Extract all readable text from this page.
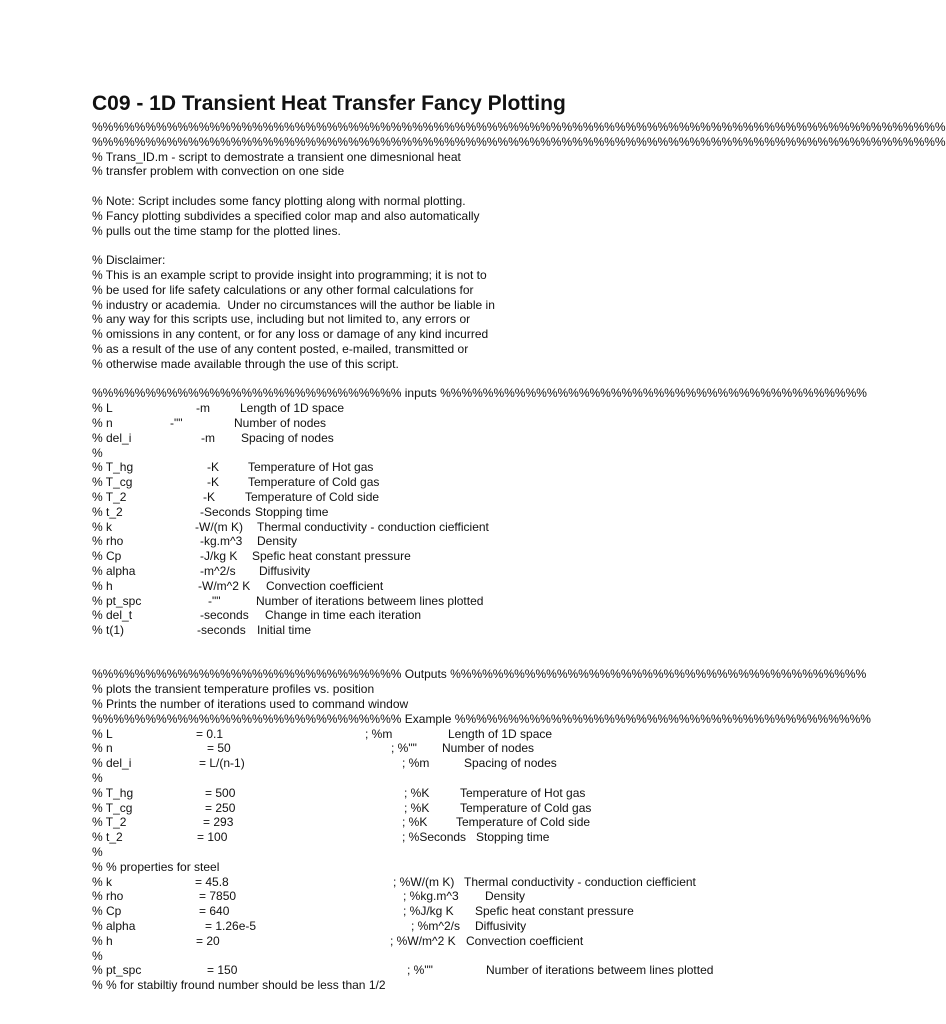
C09 - 1D Transient Heat Transfer Fancy Plotting
%%%%%%%%%%%%%%%%%%%%%%%%%%%%%%%%%%%%%%%%%%%%%%%%%%%%%%%%%%%%%%%%%%%%%%%%%%%%%%%%
%%%%%%%%%%%%%%%%%%%%%%%%%%%%%%%%%%%%%%%%%%%%%%%%%%%%%%%%%%%%%%%%%%%%%%%%%%%%%%%%
% Trans_ID.m - script to demostrate a transient one dimesnional heat
% transfer problem with convection on one side
% Note: Script includes some fancy plotting along with normal plotting.
% Fancy plotting subdivides a specified color map and also automatically
% pulls out the time stamp for the plotted lines.
% Disclaimer:
% This is an example script to provide insight into programming; it is not to
% be used for life safety calculations or any other formal calculations for
% industry or academia.  Under no circumstances will the author be liable in
% any way for this scripts use, including but not limited to, any errors or
% omissions in any content, or for any loss or damage of any kind incurred
% as a result of the use of any content posted, e-mailed, transmitted or
% otherwise made available through the use of this script.
%%%%%%%%%%%%%%%%%%%%%%%%%%%%% inputs %%%%%%%%%%%%%%%%%%%%%%%%%%%%%%%%%%%%%%%%
% L	-m	Length of 1D space
% n	-""	Number of nodes
% del_i	-m Spacing of nodes
%
% T_hg	-K Temperature of Hot gas
% T_cg	-K Temperature of Cold gas
% T_2	-K	Temperature of Cold side
% t_2	-Seconds Stopping time
% k	-W/(m K) Thermal conductivity - conduction ciefficient
% rho	-kg.m^3 Density
% Cp	-J/kg K Spefic heat constant pressure
% alpha	-m^2/s Diffusivity
% h	-W/m^2 K Convection coefficient
% pt_spc	-""	Number of iterations betweem lines plotted
% del_t	-seconds Change in time each iteration
% t(1)	-seconds Initial time
%%%%%%%%%%%%%%%%%%%%%%%%%%%%% Outputs %%%%%%%%%%%%%%%%%%%%%%%%%%%%%%%%%%%%%%%
% plots the transient temperature profiles vs. position
% Prints the number of iterations used to command window
%%%%%%%%%%%%%%%%%%%%%%%%%%%%% Example %%%%%%%%%%%%%%%%%%%%%%%%%%%%%%%%%%%%%%%
% L	= 0.1	; %m	Length of 1D space
% n	= 50	; %"" Number of nodes
% del_i	= L/(n-1)	; %m	Spacing of nodes
%
% T_hg	= 500	; %K	Temperature of Hot gas
% T_cg	= 250	; %K	Temperature of Cold gas
% T_2	= 293	; %K Temperature of Cold side
% t_2	= 100	; %Seconds Stopping time
%
% % properties for steel
% k	= 45.8	; %W/(m K) Thermal conductivity - conduction ciefficient
% rho	= 7850	; %kg.m^3 Density
% Cp	= 640	; %J/kg K Spefic heat constant pressure
% alpha	= 1.26e-5	; %m^2/s Diffusivity
% h	= 20	; %W/m^2 K Convection coefficient
%
% pt_spc	= 150	; %""	Number of iterations betweem lines plotted
% % for stabiltiy fround number should be less than 1/2
